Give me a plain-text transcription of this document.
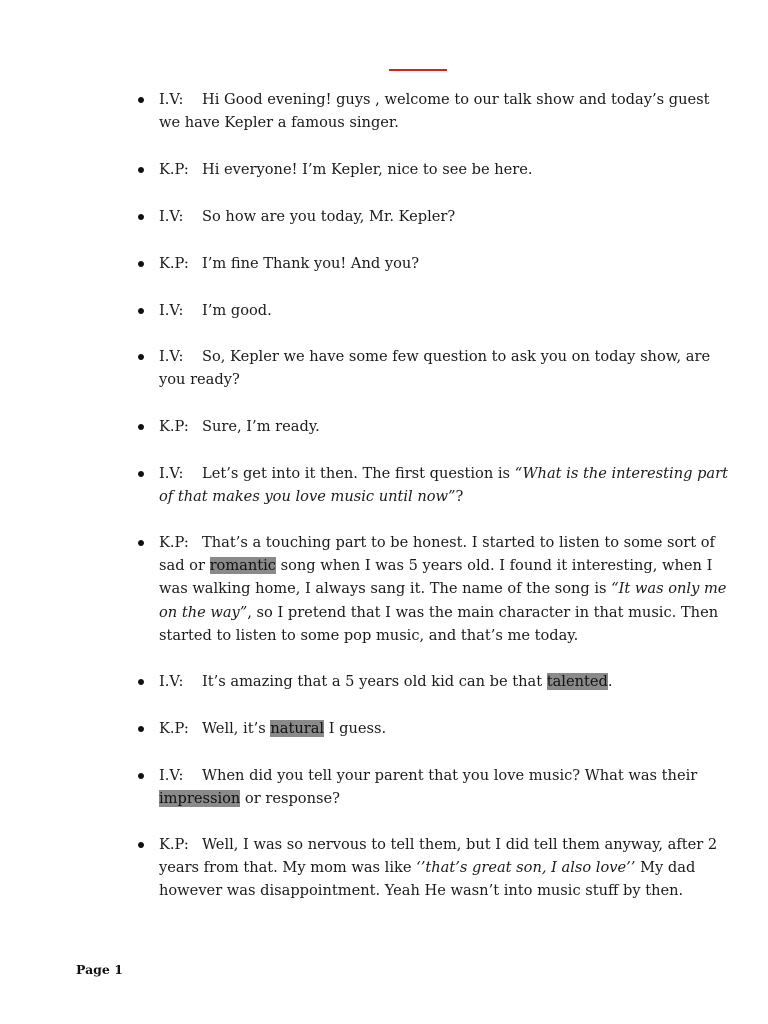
I.V: Hi Good evening! guys , welcome to our talk show and today’s guest
we have Kepler a famous singer.
K.P: Hi everyone! I’m Kepler, nice to see be here.
I.V: So how are you today, Mr. Kepler?
K.P: I’m fine Thank you! And you?
I.V: I’m good.
I.V: So, Kepler we have some few question to ask you on today show, are
you ready?
K.P: Sure, I’m ready.
I.V: Let’s get into it then. The first question is “What is the interesting part
of that makes you love music until now”?
K.P: That’s a touching part to be honest. I started to listen to some sort of
sad or romantic song when I was 5 years old. I found it interesting, when I
was walking home, I always sang it. The name of the song is “It was only me
on the way”, so I pretend that I was the main character in that music. Then
started to listen to some pop music, and that’s me today.
I.V: It’s amazing that a 5 years old kid can be that talented.
K.P: Well, it’s natural I guess.
I.V: When did you tell your parent that you love music? What was their
impression or response?
K.P: Well, I was so nervous to tell them, but I did tell them anyway, after 2
years from that. My mom was like ‘’that’s great son, I also love’’ My dad
however was disappointment. Yeah He wasn’t into music stuff by then.
Page 1
